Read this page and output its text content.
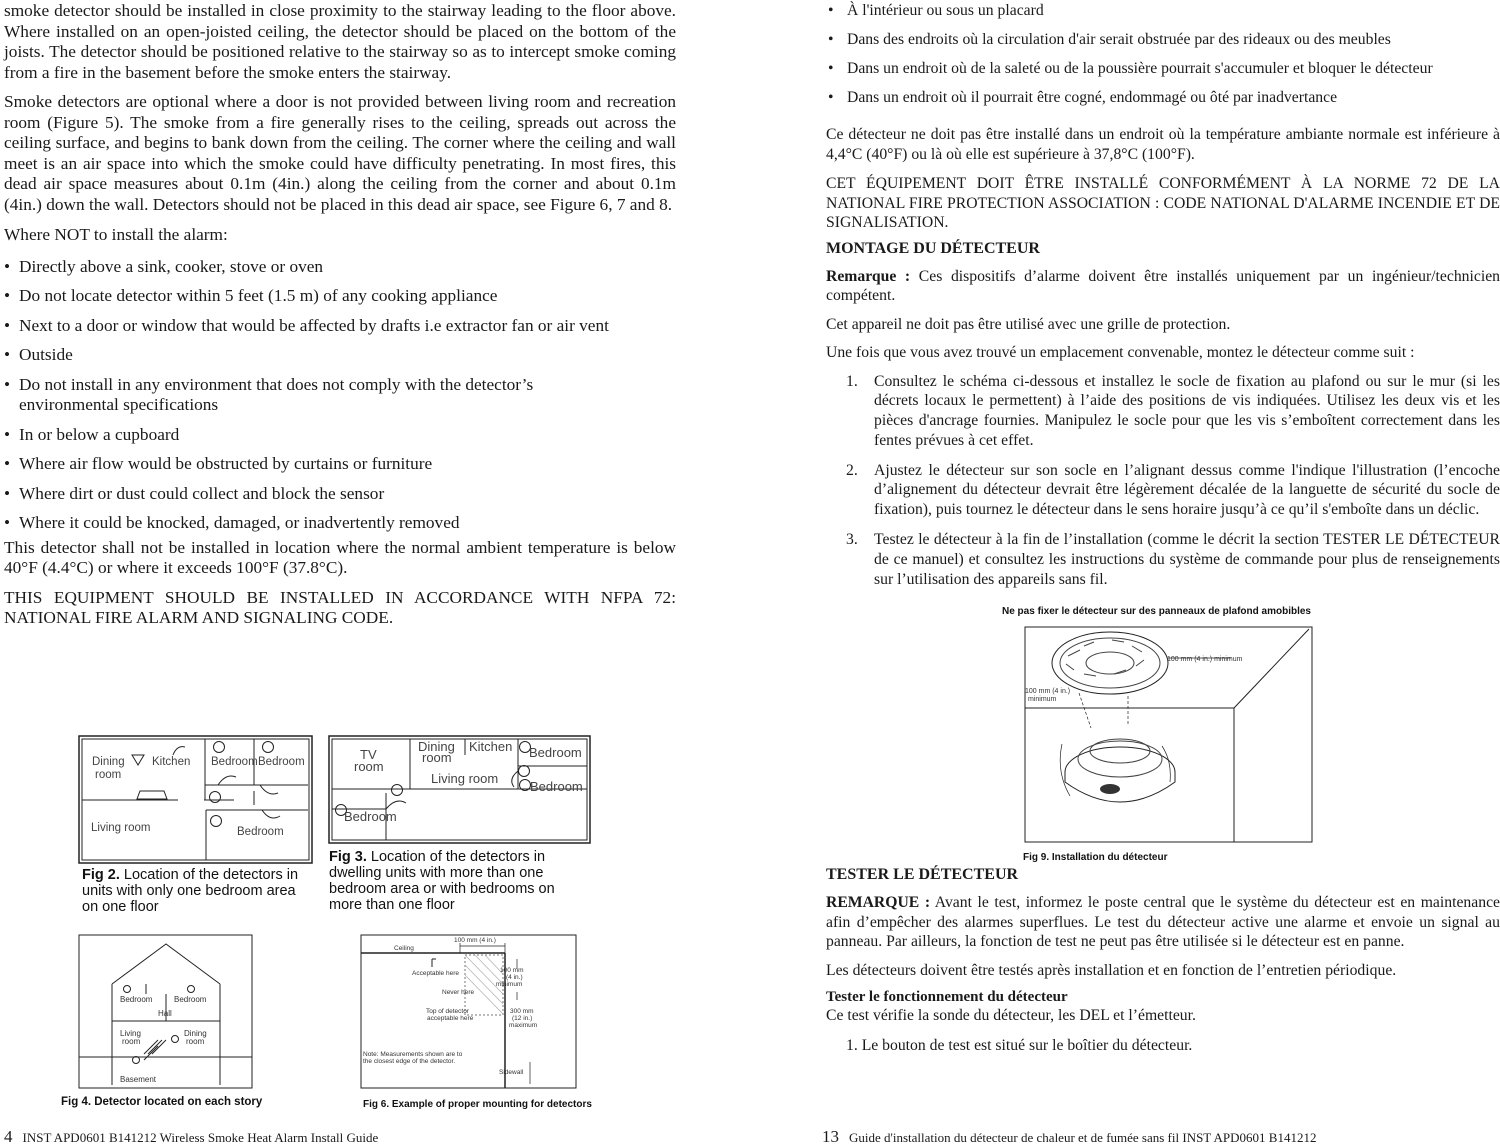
smoke detector should be installed in close proximity to the stairway leading to the floor above. Where installed on an open-joisted ceiling, the detector should be placed on the bottom of the joists. The detector should be positioned relative to the stairway so as to intercept smoke coming from a fire in the basement before the smoke enters the stairway.

Smoke detectors are optional where a door is not provided between living room and recreation room (Figure 5). The smoke from a fire generally rises to the ceiling, spreads out across the ceiling surface, and begins to bank down from the ceiling. The corner where the ceiling and wall meet is an air space into which the smoke could have difficulty penetrating. In most fires, this dead air space measures about 0.1m (4in.) along the ceiling from the corner and about 0.1m (4in.) down the wall. Detectors should not be placed in this dead air space, see Figure 6, 7 and 8.

Where NOT to install the alarm:

• Directly above a sink, cooker, stove or oven
• Do not locate detector within 5 feet (1.5 m) of any cooking appliance
• Next to a door or window that would be affected by drafts i.e extractor fan or air vent
• Outside
• Do not install in any environment that does not comply with the detector’s environmental specifications
• In or below a cupboard
• Where air flow would be obstructed by curtains or furniture
• Where dirt or dust could collect and block the sensor
• Where it could be knocked, damaged, or inadvertently removed

This detector shall not be installed in location where the normal ambient temperature is below 40°F (4.4°C) or where it exceeds 100°F (37.8°C).

THIS EQUIPMENT SHOULD BE INSTALLED IN ACCORDANCE WITH NFPA 72: NATIONAL FIRE ALARM AND SIGNALING CODE.

Dining
room
Kitchen Bedroom Bedroom
Living room	Bedroom
Fig 2. Location of the detectors in units with only one bedroom area on one floor
TV
room
Dining
room
Kitchen Bedroom
Living room
Bedroom
Bedroom
Fig 3. Location of the detectors in dwelling units with more than one bedroom area or with bedrooms on more than one floor
Bedroom	Bedroom
Hall
Living
room
Dining
room
Basement
Fig 4. Detector located on each story
Ceiling
100 mm (4 in.)
Acceptable here	100 mm
(4 in.)
minimum
Never here
Top of detector
acceptable here
300 mm
(12 in.)
maximum
Note: Measurements shown are to
the closest edge of the detector.
Sidewall
Fig 6. Example of proper mounting for detectors
4 INST APD0601 B141212 Wireless Smoke Heat Alarm Install Guide
• À l'intérieur ou sous un placard
• Dans des endroits où la circulation d'air serait obstruée par des rideaux ou des meubles
• Dans un endroit où de la saleté ou de la poussière pourrait s'accumuler et bloquer le détecteur
• Dans un endroit où il pourrait être cogné, endommagé ou ôté par inadvertance

Ce détecteur ne doit pas être installé dans un endroit où la température ambiante normale est inférieure à 4,4°C (40°F) ou là où elle est supérieure à 37,8°C (100°F).

CET ÉQUIPEMENT DOIT ÊTRE INSTALLÉ CONFORMÉMENT À LA NORME 72 DE LA NATIONAL FIRE PROTECTION ASSOCIATION : CODE NATIONAL D'ALARME INCENDIE ET DE SIGNALISATION.

MONTAGE DU DÉTECTEUR

Remarque : Ces dispositifs d’alarme doivent être installés uniquement par un ingénieur/technicien compétent.

Cet appareil ne doit pas être utilisé avec une grille de protection.

Une fois que vous avez trouvé un emplacement convenable, montez le détecteur comme suit :

1.	Consultez le schéma ci-dessous et installez le socle de fixation au plafond ou sur le mur (si les décrets locaux le permettent) à l’aide des positions de vis indiquées. Utilisez les deux vis et les pièces d'ancrage fournies. Manipulez le socle pour que les vis s’emboîtent correctement dans les fentes prévues à cet effet.
2.	Ajustez le détecteur sur son socle en l’alignant dessus comme l'indique l'illustration (l’encoche d’alignement du détecteur devrait être légèrement décalée de la languette de sécurité du socle de fixation), puis tournez le détecteur dans le sens horaire jusqu’à ce qu’il s'emboîte dans un déclic.
3.	Testez le détecteur à la fin de l’installation (comme le décrit la section TESTER LE DÉTECTEUR de ce manuel) et consultez les instructions du système de commande pour plus de renseignements sur l’utilisation des appareils sans fil.
Ne pas fixer le détecteur sur des panneaux de plafond amobibles
100 mm (4 in.) minimum
100 mm (4 in.)
minimum
Fig 9. Installation du détecteur

TESTER LE DÉTECTEUR

REMARQUE : Avant le test, informez le poste central que le système du détecteur est en maintenance afin d’empêcher des alarmes superflues. Le test du détecteur active une alarme et envoie un signal au panneau. Par ailleurs, la fonction de test ne peut pas être utilisée si le détecteur est en panne.

Les détecteurs doivent être testés après installation et en fonction de l’entretien périodique.

Tester le fonctionnement du détecteur

Ce test vérifie la sonde du détecteur, les DEL et l’émetteur.

1. Le bouton de test est situé sur le boîtier du détecteur.

13 Guide d'installation du détecteur de chaleur et de fumée sans fil INST APD0601 B141212
